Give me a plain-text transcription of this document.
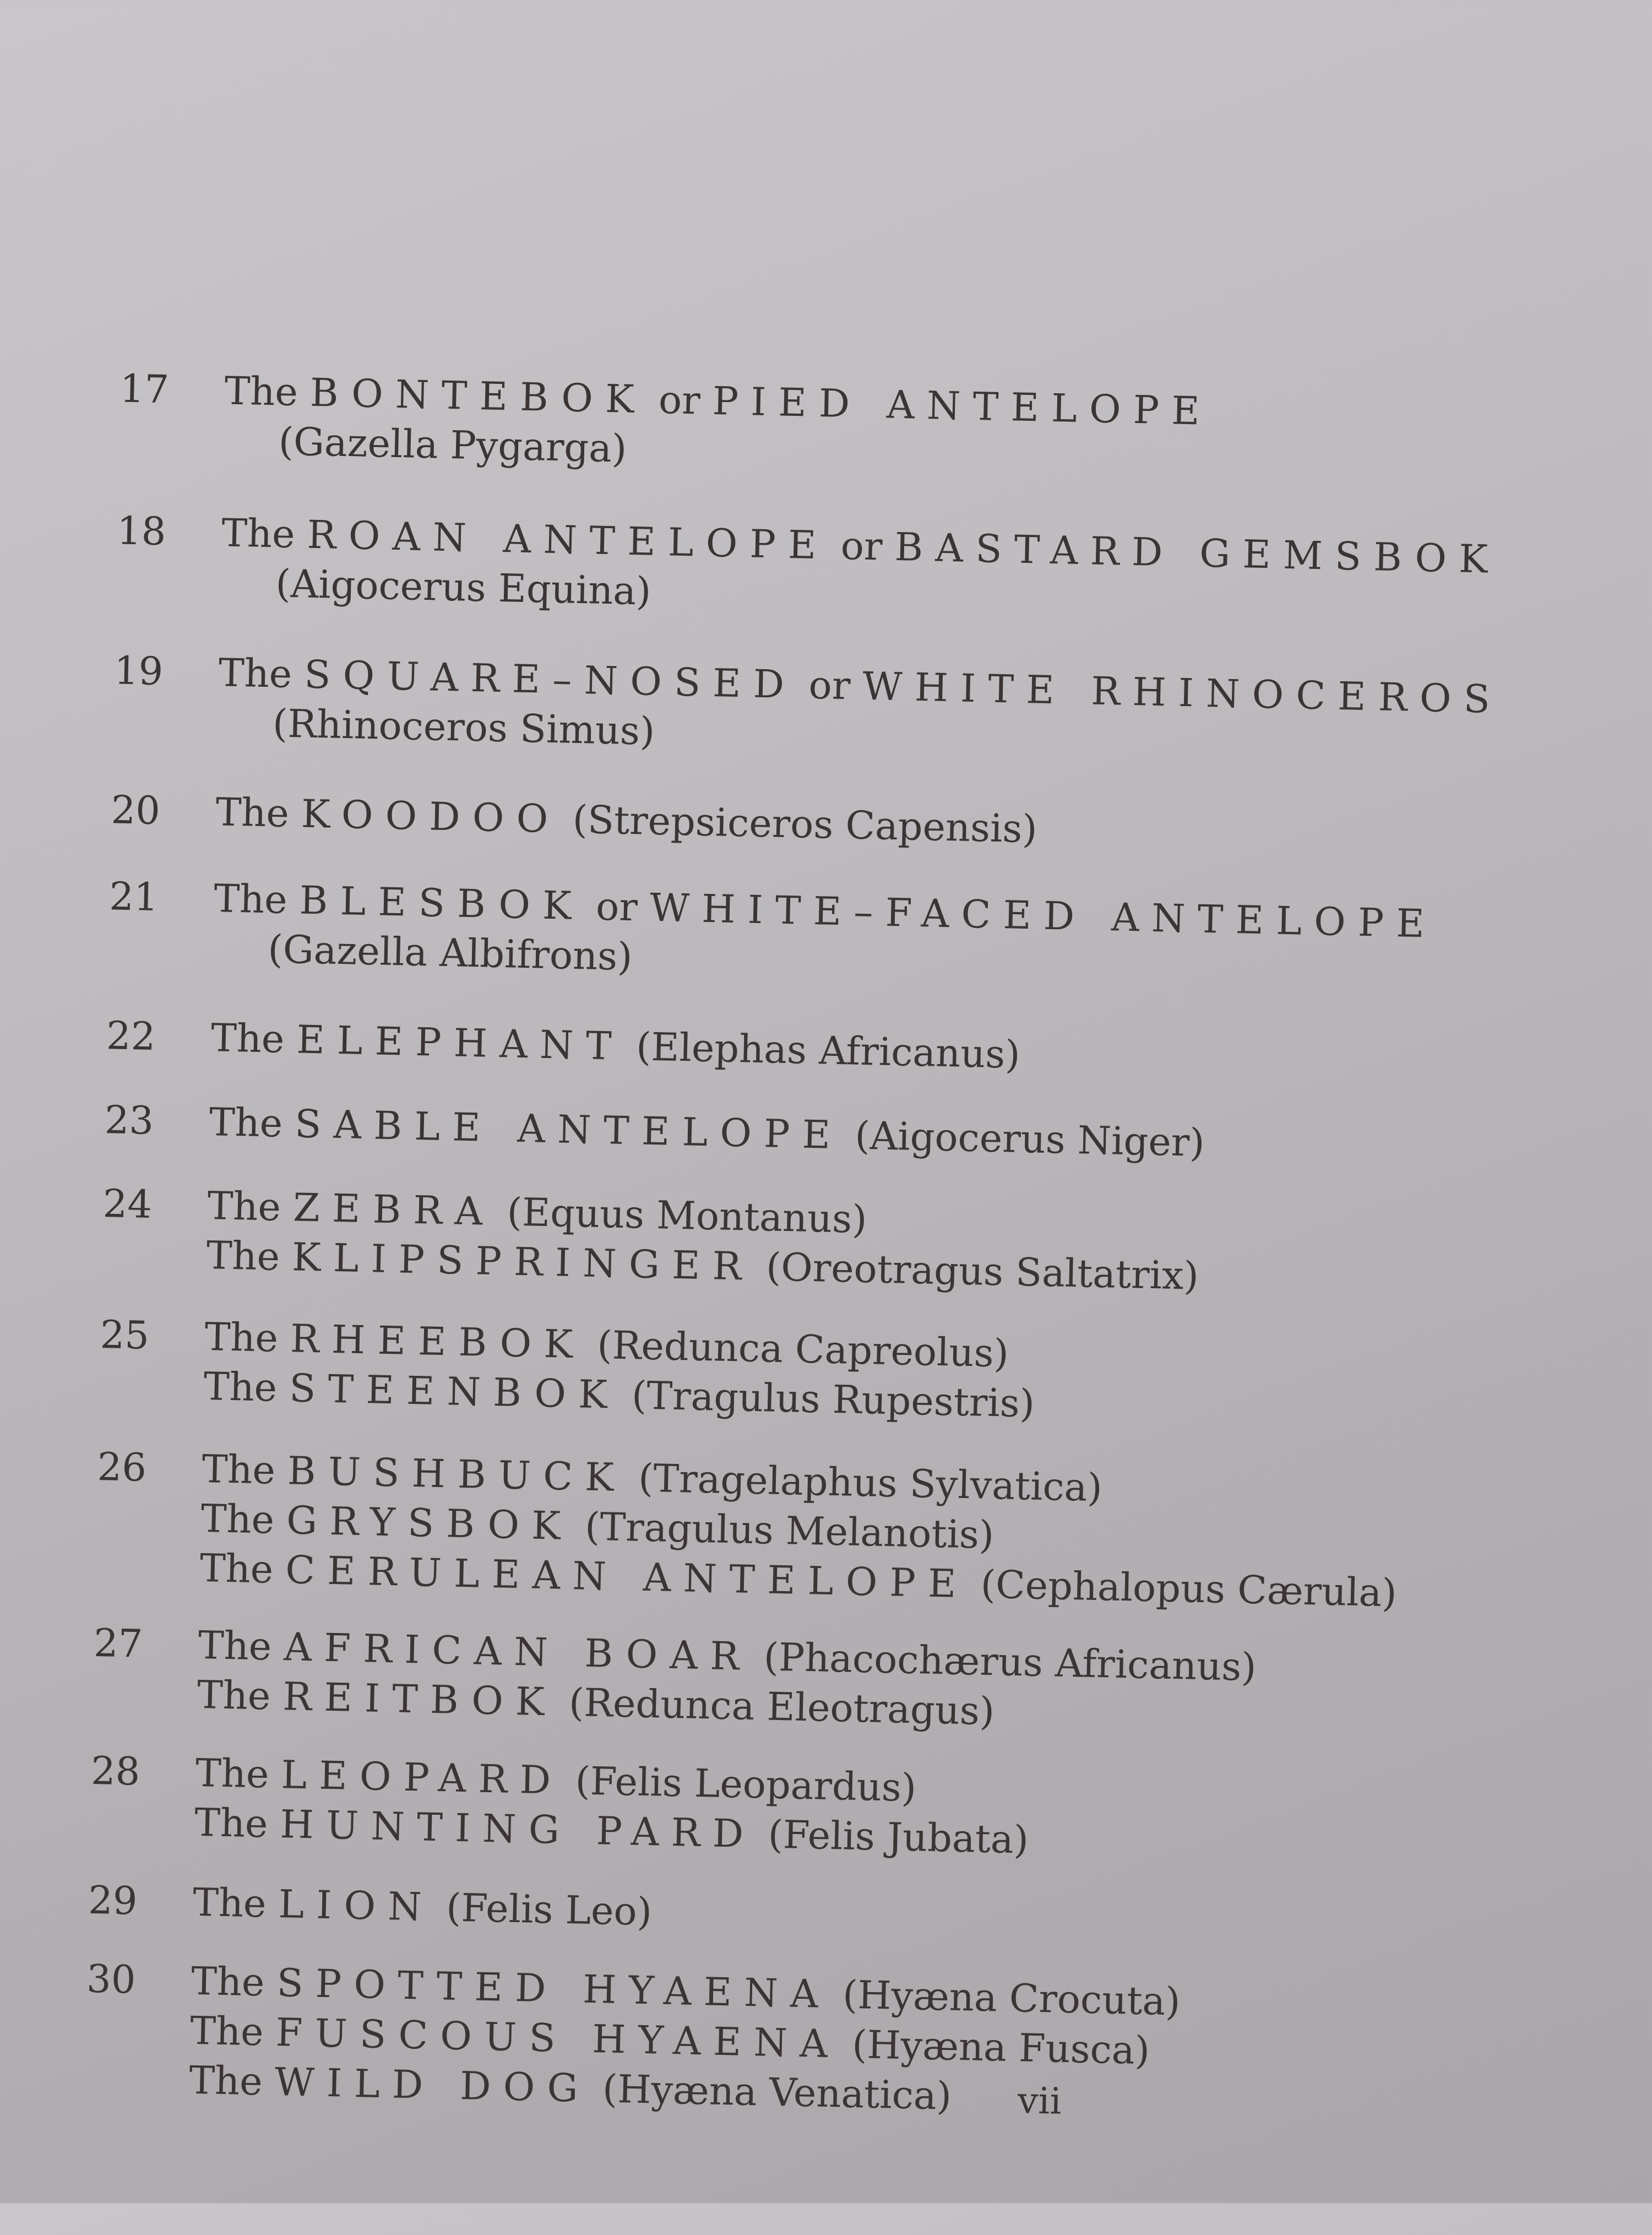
17	The BONTEBOK or PIED ANTELOPE
(Gazella Pygarga)
18	The ROAN ANTELOPE or BASTARD GEMSBOK
(Aigocerus Equina)
19	The SQUARE–NOSED or WHITE RHINOCEROS
(Rhinoceros Simus)
20	The KOODOO (Strepsiceros Capensis)
21	The BLESBOK or WHITE–FACED ANTELOPE
(Gazella Albifrons)
22	The ELEPHANT (Elephas Africanus)
23	The SABLE ANTELOPE (Aigocerus Niger)
24	The ZEBRA (Equus Montanus)
The KLIPSPRINGER (Oreotragus Saltatrix)
25	The RHEEBOK (Redunca Capreolus)
The STEENBOK (Tragulus Rupestris)
26	The BUSHBUCK (Tragelaphus Sylvatica)
The GRYSBOK (Tragulus Melanotis)
The CERULEAN ANTELOPE (Cephalopus Cærula)
27	The AFRICAN BOAR (Phacochærus Africanus)
The REITBOK (Redunca Eleotragus)
28	The LEOPARD (Felis Leopardus)
The HUNTING PARD (Felis Jubata)
29	The LION (Felis Leo)
30	The SPOTTED HYAENA (Hyæna Crocuta)
The FUSCOUS HYAENA (Hyæna Fusca)
The WILD DOG (Hyæna Venatica)	vii
